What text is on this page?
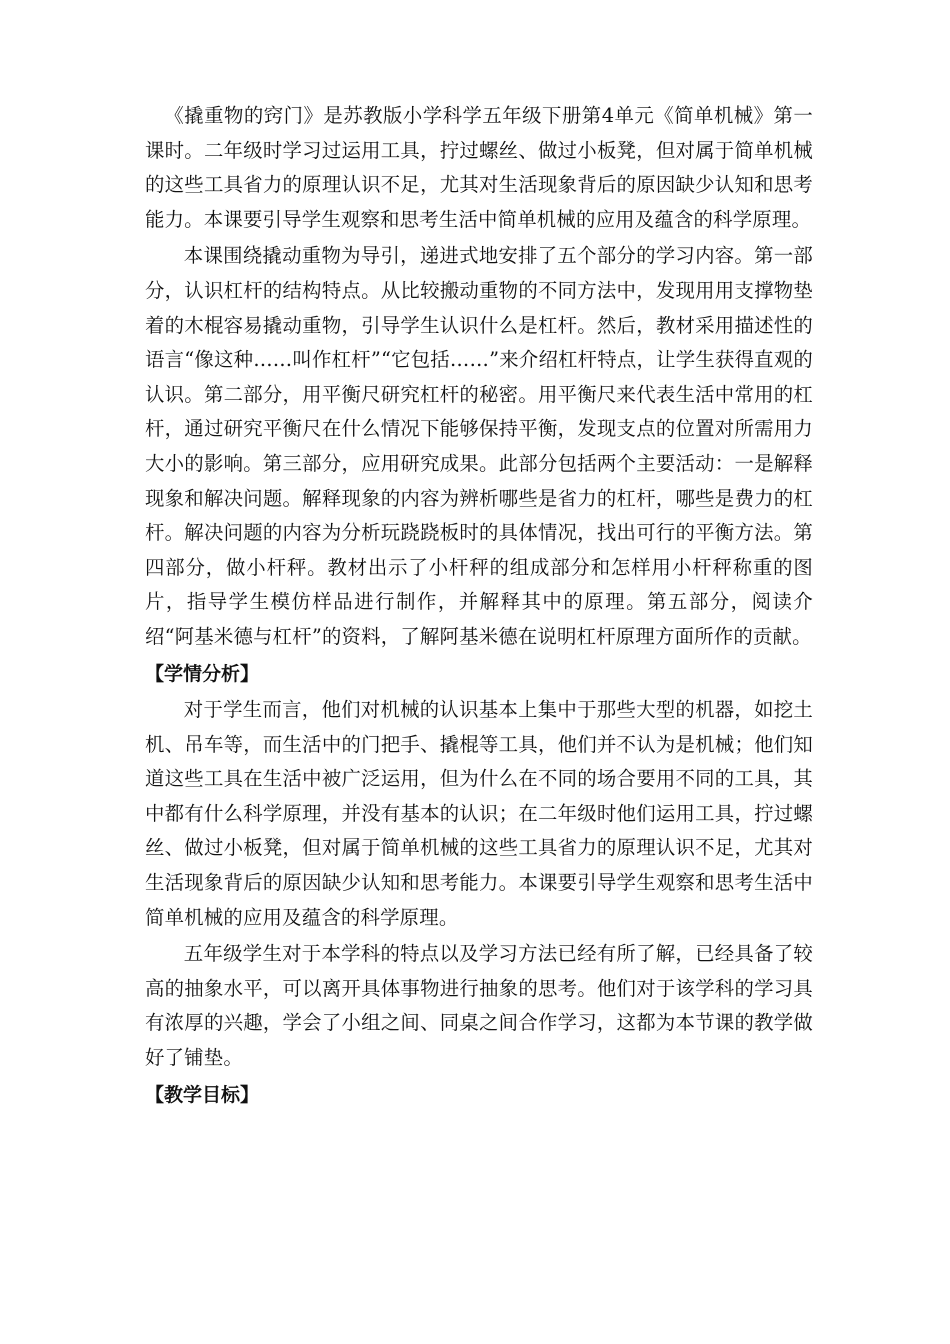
《撬重物的窍门》是苏教版小学科学五年级下册第4单元《简单机械》第一课时。二年级时学习过运用工具，拧过螺丝、做过小板凳，但对属于简单机械的这些工具省力的原理认识不足，尤其对生活现象背后的原因缺少认知和思考能力。本课要引导学生观察和思考生活中简单机械的应用及蕴含的科学原理。

本课围绕撬动重物为导引，递进式地安排了五个部分的学习内容。第一部分，认识杠杆的结构特点。从比较搬动重物的不同方法中，发现用用支撑物垫着的木棍容易撬动重物，引导学生认识什么是杠杆。然后，教材采用描述性的语言“像这种……叫作杠杆”“它包括……”来介绍杠杆特点，让学生获得直观的认识。第二部分，用平衡尺研究杠杆的秘密。用平衡尺来代表生活中常用的杠杆，通过研究平衡尺在什么情况下能够保持平衡，发现支点的位置对所需用力大小的影响。第三部分，应用研究成果。此部分包括两个主要活动：一是解释现象和解决问题。解释现象的内容为辨析哪些是省力的杠杆，哪些是费力的杠杆。解决问题的内容为分析玩跷跷板时的具体情况，找出可行的平衡方法。第四部分，做小杆秤。教材出示了小杆秤的组成部分和怎样用小杆秤称重的图片，指导学生模仿样品进行制作，并解释其中的原理。第五部分，阅读介绍“阿基米德与杠杆”的资料，了解阿基米德在说明杠杆原理方面所作的贡献。

【学情分析】

对于学生而言，他们对机械的认识基本上集中于那些大型的机器，如挖土机、吊车等，而生活中的门把手、撬棍等工具，他们并不认为是机械；他们知道这些工具在生活中被广泛运用，但为什么在不同的场合要用不同的工具，其中都有什么科学原理，并没有基本的认识；在二年级时他们运用工具，拧过螺丝、做过小板凳，但对属于简单机械的这些工具省力的原理认识不足，尤其对生活现象背后的原因缺少认知和思考能力。本课要引导学生观察和思考生活中简单机械的应用及蕴含的科学原理。

五年级学生对于本学科的特点以及学习方法已经有所了解，已经具备了较高的抽象水平，可以离开具体事物进行抽象的思考。他们对于该学科的学习具有浓厚的兴趣，学会了小组之间、同桌之间合作学习，这都为本节课的教学做好了铺垫。

【教学目标】
